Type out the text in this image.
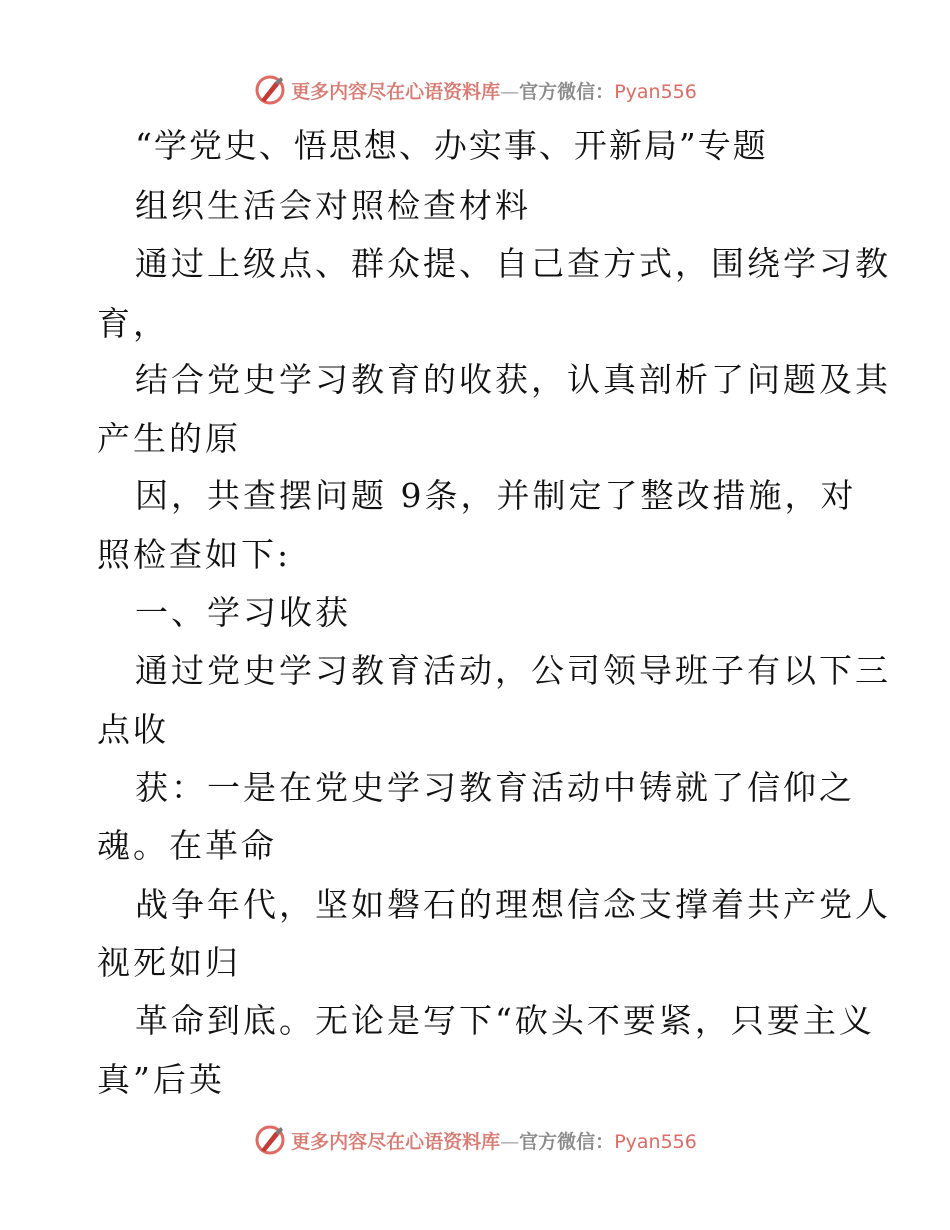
更多内容尽在心语资料库—官方微信：Pyan556
“学党史、悟思想、办实事、开新局”专题
组织生活会对照检查材料
通过上级点、群众提、自己查方式，围绕学习教
育，
结合党史学习教育的收获，认真剖析了问题及其
产生的原
因，共查摆问题 9条，并制定了整改措施，对
照检查如下:
一、学习收获
通过党史学习教育活动，公司领导班子有以下三
点收
获：一是在党史学习教育活动中铸就了信仰之
魂。在革命
战争年代，坚如磐石的理想信念支撑着共产党人
视死如归
革命到底。无论是写下“砍头不要紧，只要主义
真”后英
更多内容尽在心语资料库—官方微信：Pyan556
